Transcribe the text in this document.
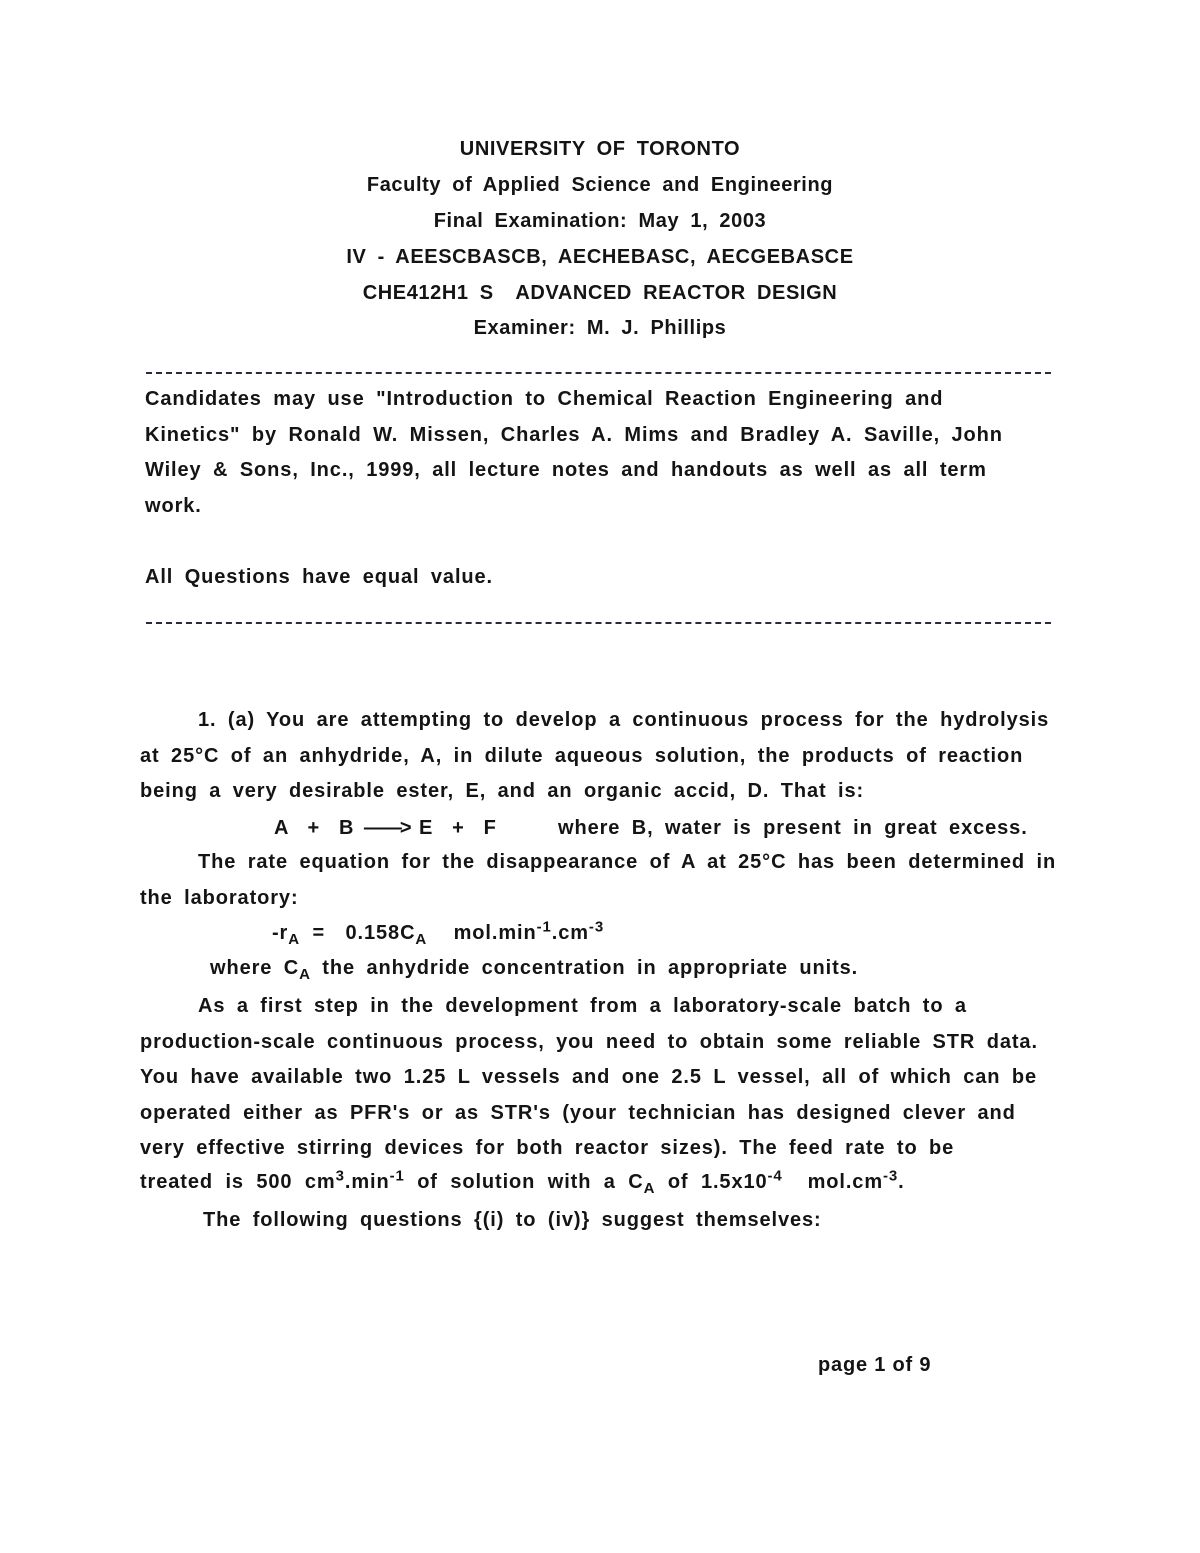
UNIVERSITY OF TORONTO
Faculty of Applied Science and Engineering
Final Examination: May 1, 2003
IV - AEESCBASCB, AECHEBASC, AECGEBASCE
CHE412H1 S  ADVANCED REACTOR DESIGN
Examiner: M. J. Phillips

Candidates may use "Introduction to Chemical Reaction Engineering and Kinetics" by Ronald W. Missen, Charles A. Mims and Bradley A. Saville, John Wiley & Sons, Inc., 1999, all lecture notes and handouts as well as all term work.

All Questions have equal value.

1. (a) You are attempting to develop a continuous process for the hydrolysis at 25°C of an anhydride, A, in dilute aqueous solution, the products of reaction being a very desirable ester, E, and an organic accid, D. That is:

A  +  B ——> E  +  F	where B, water is present in great excess.

The rate equation for the disappearance of A at 25°C has been determined in the laboratory:

$-r_A = 0.158C_A$ $mol.\min^{-1}.cm^{-3}$
where $C_A$ the anhydride concentration in appropriate units.

As a first step in the development from a laboratory-scale batch to a production-scale continuous process, you need to obtain some reliable STR data. You have available two 1.25 L vessels and one 2.5 L vessel, all of which can be operated either as PFR's or as STR's (your technician has designed clever and very effective stirring devices for both reactor sizes). The feed rate to be

treated is 500 $cm^3.\min^{-1}$ of solution with a $C_A$ of $1.5x10^{-4}$  $mol.cm^{-3}$.
The following questions {(i) to (iv)} suggest themselves:
page 1 of 9
